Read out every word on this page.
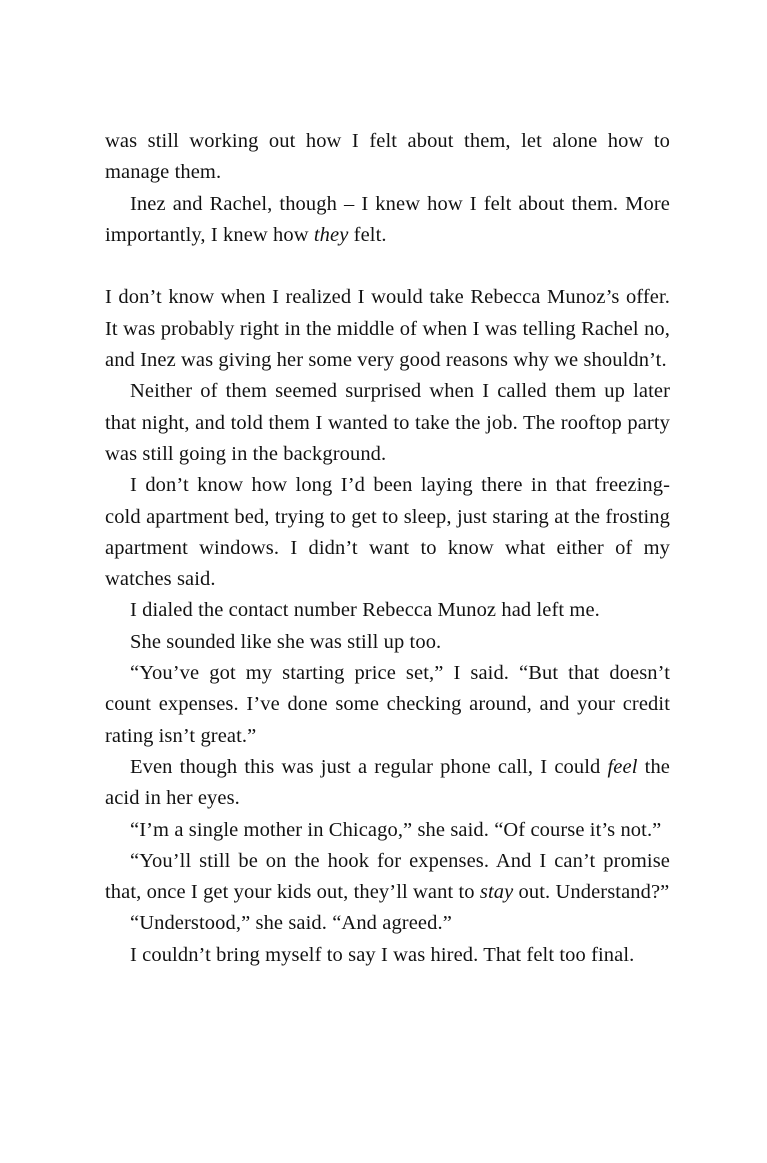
was still working out how I felt about them, let alone how to manage them.

Inez and Rachel, though – I knew how I felt about them. More importantly, I knew how they felt.

I don’t know when I realized I would take Rebecca Munoz’s offer. It was probably right in the middle of when I was telling Rachel no, and Inez was giving her some very good reasons why we shouldn’t.

Neither of them seemed surprised when I called them up later that night, and told them I wanted to take the job. The rooftop party was still going in the background.

I don’t know how long I’d been laying there in that freezing-cold apartment bed, trying to get to sleep, just staring at the frosting apartment windows. I didn’t want to know what either of my watches said.

I dialed the contact number Rebecca Munoz had left me.

She sounded like she was still up too.

“You’ve got my starting price set,” I said. “But that doesn’t count expenses. I’ve done some checking around, and your credit rating isn’t great.”

Even though this was just a regular phone call, I could feel the acid in her eyes.

“I’m a single mother in Chicago,” she said. “Of course it’s not.”

“You’ll still be on the hook for expenses. And I can’t promise that, once I get your kids out, they’ll want to stay out. Understand?”

“Understood,” she said. “And agreed.”

I couldn’t bring myself to say I was hired. That felt too final.
